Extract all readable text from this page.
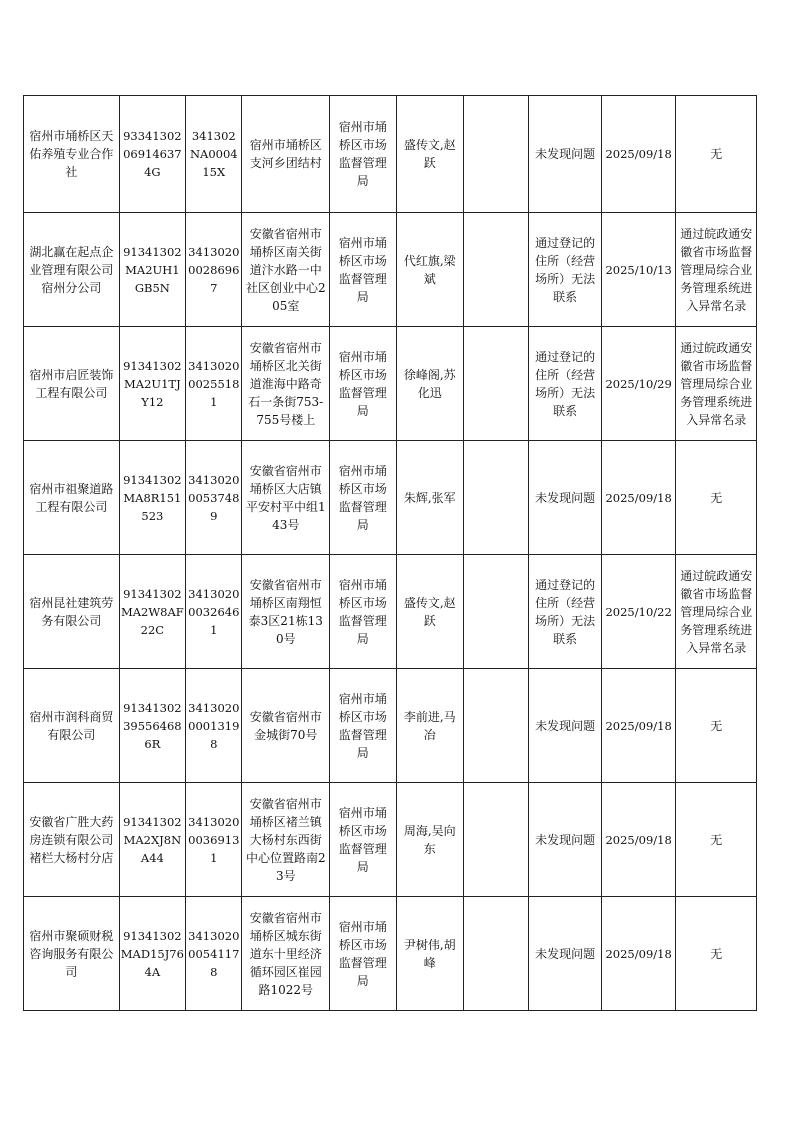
宿州市埇桥区天佑养殖专业合作社	93341302069146374G	341302NA000415X	宿州市埇桥区支河乡团结村	宿州市埇桥区市场监督管理局	盛传文,赵跃		未发现问题	2025/09/18	无
湖北赢在起点企业管理有限公司宿州分公司	91341302MA2UH1GB5N	341302000286967	安徽省宿州市埇桥区南关街道汴水路一中社区创业中心205室	宿州市埇桥区市场监督管理局	代红旗,梁斌		通过登记的住所（经营场所）无法联系	2025/10/13	通过皖政通安徽省市场监督管理局综合业务管理系统进入异常名录
宿州市启匠装饰工程有限公司	91341302MA2U1TJY12	341302000255181	安徽省宿州市埇桥区北关街道淮海中路奇石一条街753-755号楼上	宿州市埇桥区市场监督管理局	徐峰阁,苏化迅		通过登记的住所（经营场所）无法联系	2025/10/29	通过皖政通安徽省市场监督管理局综合业务管理系统进入异常名录
宿州市祖聚道路工程有限公司	91341302MA8R151523	341302000537489	安徽省宿州市埇桥区大店镇平安村平中组143号	宿州市埇桥区市场监督管理局	朱辉,张军		未发现问题	2025/09/18	无
宿州昆社建筑劳务有限公司	91341302MA2W8AF22C	341302000326461	安徽省宿州市埇桥区南翔恒泰3区21栋130号	宿州市埇桥区市场监督管理局	盛传文,赵跃		通过登记的住所（经营场所）无法联系	2025/10/22	通过皖政通安徽省市场监督管理局综合业务管理系统进入异常名录
宿州市润科商贸有限公司	91341302395564686R	341302000013198	安徽省宿州市金城街70号	宿州市埇桥区市场监督管理局	李前进,马冶		未发现问题	2025/09/18	无
安徽省广胜大药房连锁有限公司褚栏大杨村分店	91341302MA2XJ8NA44	341302000369131	安徽省宿州市埇桥区褚兰镇大杨村东西街中心位置路南23号	宿州市埇桥区市场监督管理局	周海,吴向东		未发现问题	2025/09/18	无
宿州市聚硕财税咨询服务有限公司	91341302MAD15J764A	341302000541178	安徽省宿州市埇桥区城东街道东十里经济循环园区崔园路1022号	宿州市埇桥区市场监督管理局	尹树伟,胡峰		未发现问题	2025/09/18	无
